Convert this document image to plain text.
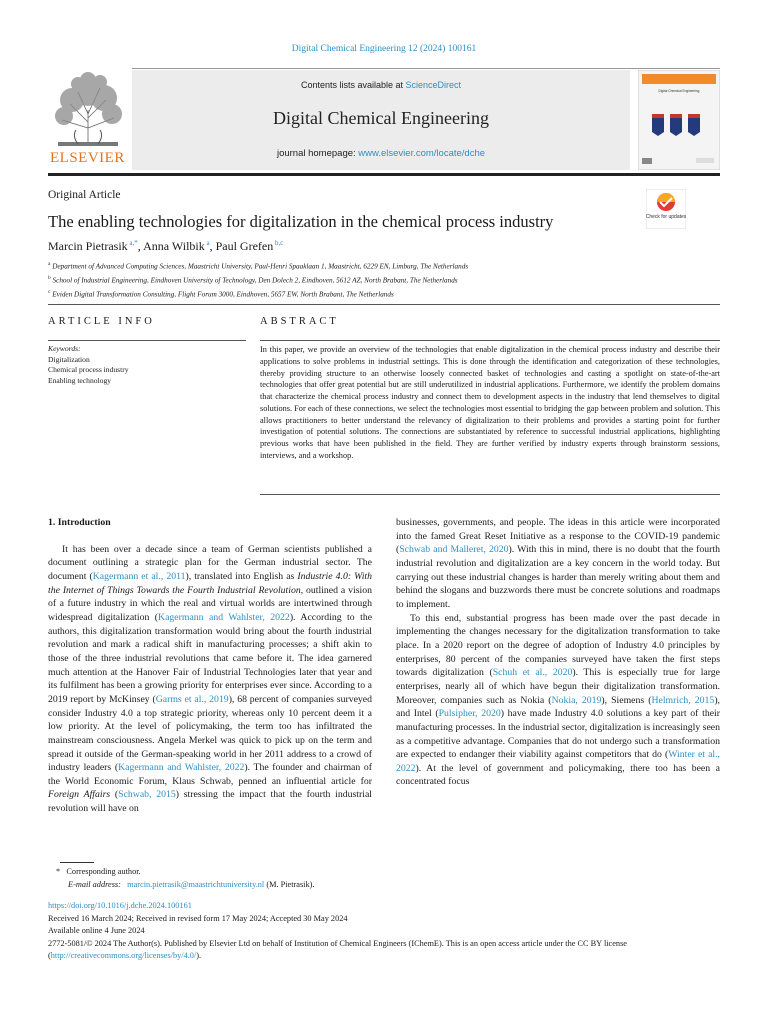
Digital Chemical Engineering 12 (2024) 100161
ELSEVIER
Contents lists available at ScienceDirect
Digital Chemical Engineering
journal homepage: www.elsevier.com/locate/dche
Digital Chemical Engineering
Original Article
Check for updates
The enabling technologies for digitalization in the chemical process industry
Marcin Pietrasik $^{a,*}$, Anna Wilbik $^a$, Paul Grefen $^{b,c}$
$^a$ Department of Advanced Computing Sciences, Maastricht University, Paul-Henri Spaaklaan 1, Maastricht, 6229 EN, Limburg, The Netherlands
$^b$ School of Industrial Engineering, Eindhoven University of Technology, Den Dolech 2, Eindhoven, 5612 AZ, North Brabant, The Netherlands
$^c$ Eviden Digital Transformation Consulting, Flight Forum 3000, Eindhoven, 5657 EW, North Brabant, The Netherlands
ARTICLE INFO	ABSTRACT
Keywords:
Digitalization
Chemical process industry
Enabling technology
In this paper, we provide an overview of the technologies that enable digitalization in the chemical process industry and describe their applications to solve problems in industrial settings. This is done through the identification and categorization of these technologies, thereby providing structure to an otherwise loosely connected basket of technologies and casting a spotlight on state-of-the-art technologies that offer great potential but are still underutilized in industrial applications. Furthermore, we identify the problem domains that characterize the chemical process industry and connect them to development aspects in the industry that lend themselves to digital solutions. For each of these connections, we select the technologies most essential to bridging the gap between problem and solution. This allows practitioners to better understand the relevancy of digitalization to their problems and provides a starting point for further investigation of potential solutions. The connections are substantiated by reference to successful industrial applications, highlighting previous works that have been published in the field. They are further verified by industry experts through brainstorm sessions, interviews, and a workshop.
1. Introduction

It has been over a decade since a team of German scientists published a document outlining a strategic plan for the German industrial sector. The document (Kagermann et al., 2011), translated into English as Industrie 4.0: With the Internet of Things Towards the Fourth Industrial Revolution, outlined a vision of a future industry in which the real and virtual worlds are intertwined through widespread digitalization (Kagermann and Wahlster, 2022). According to the authors, this digitalization transformation would bring about the fourth industrial revolution and mark a radical shift in manufacturing processes; a shift akin to those of the three industrial revolutions that came before it. The idea garnered much attention at the Hanover Fair of Industrial Technologies later that year and its fulfilment has been a growing priority for enterprises ever since. According to a 2019 report by McKinsey (Garms et al., 2019), 68 percent of companies surveyed consider Industry 4.0 a top strategic priority, whereas only 10 percent deem it a low priority. At the level of policymaking, the term too has infiltrated the mainstream consciousness. Angela Merkel was quick to pick up on the term and spread it outside of the German-speaking world in her 2011 address to a crowd of industry leaders (Kagermann and Wahlster, 2022). The founder and chairman of the World Economic Forum, Klaus Schwab, penned an influential article for Foreign Affairs (Schwab, 2015) stressing the impact that the fourth industrial revolution will have on

businesses, governments, and people. The ideas in this article were incorporated into the famed Great Reset Initiative as a response to the COVID-19 pandemic (Schwab and Malleret, 2020). With this in mind, there is no doubt that the fourth industrial revolution and digitalization are a key concern in the world today. But carrying out these industrial changes is harder than merely writing about them and behind the slogans and buzzwords there must be concrete solutions and roadmaps to implement.

To this end, substantial progress has been made over the past decade in implementing the changes necessary for the digitalization transformation to take place. In a 2020 report on the degree of adoption of Industry 4.0 principles by enterprises, 80 percent of the companies surveyed have taken the first steps towards digitalization (Schuh et al., 2020). This is especially true for large enterprises, nearly all of which have begun their digitalization transformation. Moreover, companies such as Nokia (Nokia, 2019), Siemens (Helmrich, 2015), and Intel (Pulsipher, 2020) have made Industry 4.0 solutions a key part of their manufacturing processes. In the industrial sector, digitalization is increasingly seen as a competitive advantage. Companies that do not undergo such a transformation are expected to endanger their viability against competitors that do (Winter et al., 2022). At the level of government and policymaking, there too has been a concentrated focus

* Corresponding author.
E-mail address: marcin.pietrasik@maastrichtuniversity.nl (M. Pietrasik).
https://doi.org/10.1016/j.dche.2024.100161
Received 16 March 2024; Received in revised form 17 May 2024; Accepted 30 May 2024
Available online 4 June 2024
2772-5081/© 2024 The Author(s). Published by Elsevier Ltd on behalf of Institution of Chemical Engineers (IChemE). This is an open access article under the CC BY license (http://creativecommons.org/licenses/by/4.0/).
